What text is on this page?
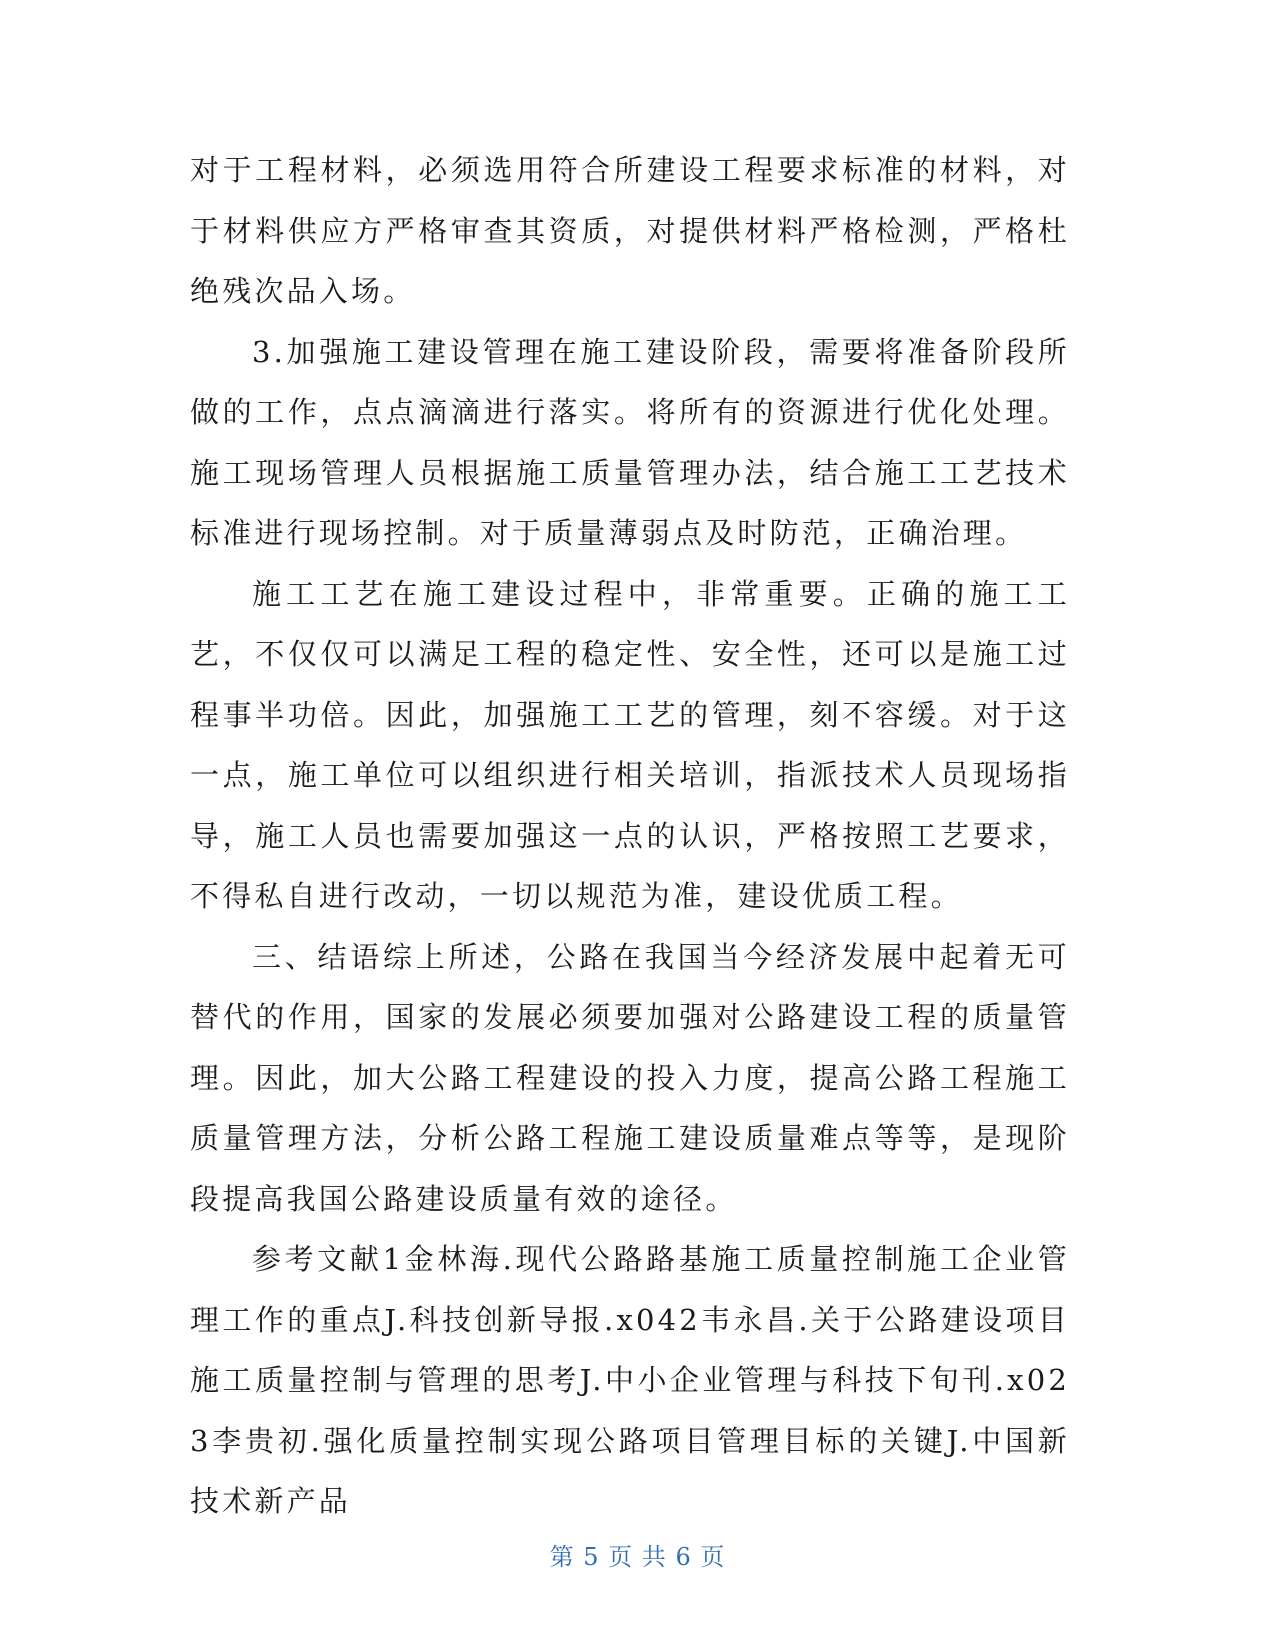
对于工程材料，必须选用符合所建设工程要求标准的材料，对于材料供应方严格审查其资质，对提供材料严格检测，严格杜绝残次品入场。

3.加强施工建设管理在施工建设阶段，需要将准备阶段所做的工作，点点滴滴进行落实。将所有的资源进行优化处理。施工现场管理人员根据施工质量管理办法，结合施工工艺技术标准进行现场控制。对于质量薄弱点及时防范，正确治理。

施工工艺在施工建设过程中，非常重要。正确的施工工艺，不仅仅可以满足工程的稳定性、安全性，还可以是施工过程事半功倍。因此，加强施工工艺的管理，刻不容缓。对于这一点，施工单位可以组织进行相关培训，指派技术人员现场指导，施工人员也需要加强这一点的认识，严格按照工艺要求，不得私自进行改动，一切以规范为准，建设优质工程。

三、结语综上所述，公路在我国当今经济发展中起着无可替代的作用，国家的发展必须要加强对公路建设工程的质量管理。因此，加大公路工程建设的投入力度，提高公路工程施工质量管理方法，分析公路工程施工建设质量难点等等，是现阶段提高我国公路建设质量有效的途径。

参考文献1金林海.现代公路路基施工质量控制施工企业管理工作的重点J.科技创新导报.x042韦永昌.关于公路建设项目施工质量控制与管理的思考J.中小企业管理与科技下旬刊.x023李贵初.强化质量控制实现公路项目管理目标的关键J.中国新技术新产品

第 5 页 共 6 页
